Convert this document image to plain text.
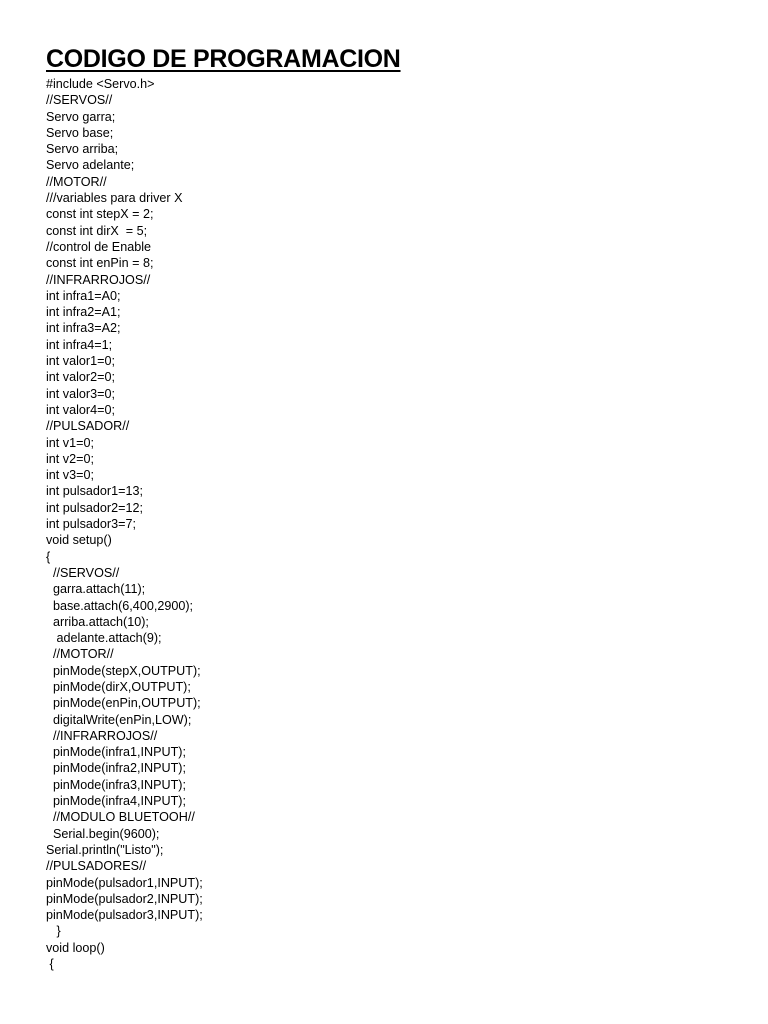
CODIGO DE PROGRAMACION
#include <Servo.h>
//SERVOS//
Servo garra;
Servo base;
Servo arriba;
Servo adelante;
//MOTOR//
///variables para driver X
const int stepX = 2;
const int dirX  = 5;
//control de Enable
const int enPin = 8;
//INFRARROJOS//
int infra1=A0;
int infra2=A1;
int infra3=A2;
int infra4=1;
int valor1=0;
int valor2=0;
int valor3=0;
int valor4=0;
//PULSADOR//
int v1=0;
int v2=0;
int v3=0;
int pulsador1=13;
int pulsador2=12;
int pulsador3=7;
void setup()
{
//SERVOS//
garra.attach(11);
base.attach(6,400,2900);
arriba.attach(10);
adelante.attach(9);
//MOTOR//
pinMode(stepX,OUTPUT);
pinMode(dirX,OUTPUT);
pinMode(enPin,OUTPUT);
digitalWrite(enPin,LOW);
//INFRARROJOS//
pinMode(infra1,INPUT);
pinMode(infra2,INPUT);
pinMode(infra3,INPUT);
pinMode(infra4,INPUT);
//MODULO BLUETOOH//
Serial.begin(9600);
Serial.println("Listo");
//PULSADORES//
pinMode(pulsador1,INPUT);
pinMode(pulsador2,INPUT);
pinMode(pulsador3,INPUT);
}
void loop()
{
